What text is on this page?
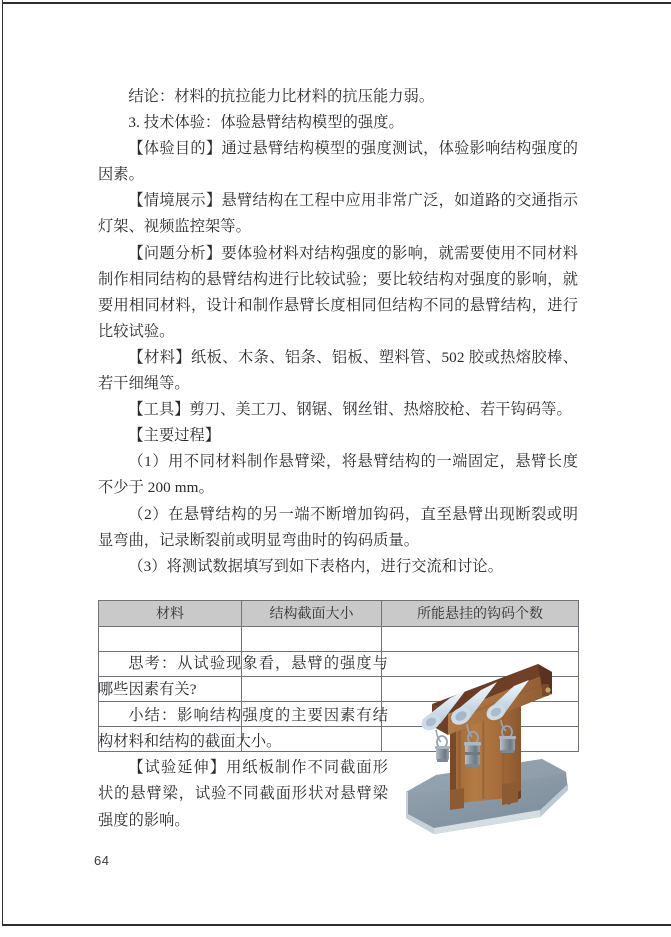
结论：材料的抗拉能力比材料的抗压能力弱。

3. 技术体验：体验悬臂结构模型的强度。

【体验目的】通过悬臂结构模型的强度测试，体验影响结构强度的因素。

【情境展示】悬臂结构在工程中应用非常广泛，如道路的交通指示灯架、视频监控架等。

【问题分析】要体验材料对结构强度的影响，就需要使用不同材料制作相同结构的悬臂结构进行比较试验；要比较结构对强度的影响，就要用相同材料，设计和制作悬臂长度相同但结构不同的悬臂结构，进行比较试验。

【材料】纸板、木条、铝条、铝板、塑料管、502 胶或热熔胶棒、若干细绳等。

【工具】剪刀、美工刀、钢锯、钢丝钳、热熔胶枪、若干钩码等。

【主要过程】

（1）用不同材料制作悬臂梁，将悬臂结构的一端固定，悬臂长度不少于 200 mm。

（2）在悬臂结构的另一端不断增加钩码，直至悬臂出现断裂或明显弯曲，记录断裂前或明显弯曲时的钩码质量。

（3）将测试数据填写到如下表格内，进行交流和讨论。

材料	结构截面大小	所能悬挂的钩码个数

思考：从试验现象看，悬臂的强度与哪些因素有关?

小结：影响结构强度的主要因素有结构材料和结构的截面大小。

【试验延伸】用纸板制作不同截面形状的悬臂梁，试验不同截面形状对悬臂梁强度的影响。

64
